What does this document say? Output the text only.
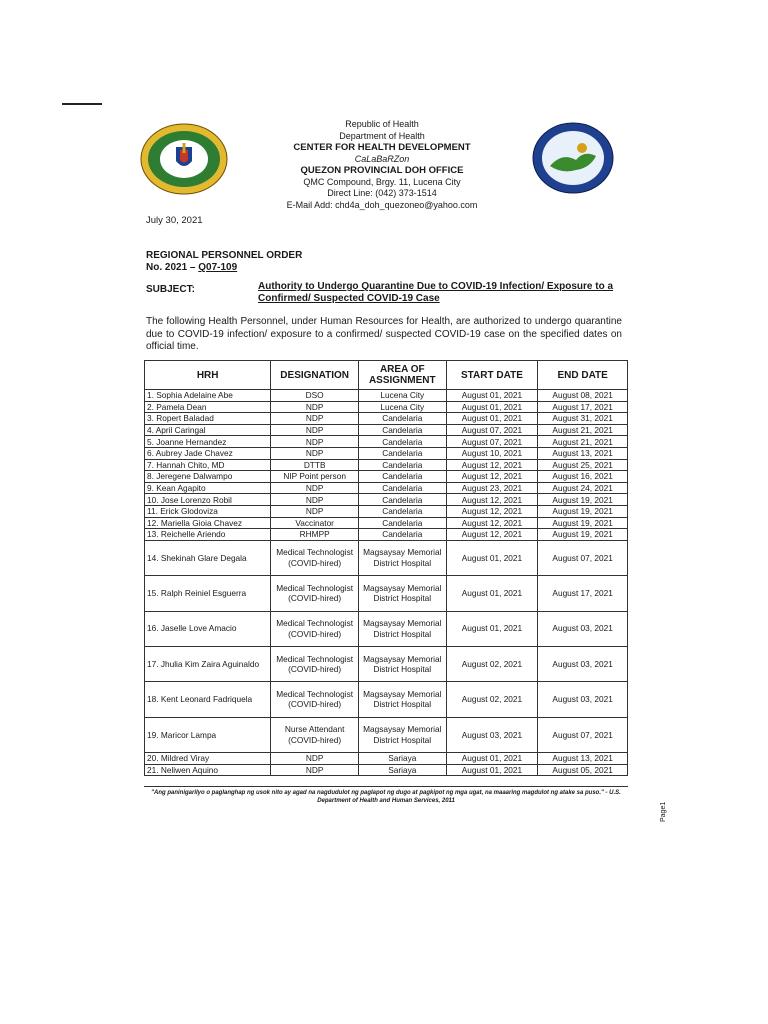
Republic of Health
Department of Health
CENTER FOR HEALTH DEVELOPMENT
CaLaBaRZon
QUEZON PROVINCIAL DOH OFFICE
QMC Compound, Brgy. 11, Lucena City
Direct Line: (042) 373-1514
E-Mail Add: chd4a_doh_quezoneo@yahoo.com
July 30, 2021
REGIONAL PERSONNEL ORDER
No. 2021 – Q07-109
SUBJECT:	Authority to Undergo Quarantine Due to COVID-19 Infection/ Exposure to a Confirmed/ Suspected COVID-19 Case
The following Health Personnel, under Human Resources for Health, are authorized to undergo quarantine due to COVID-19 infection/ exposure to a confirmed/ suspected COVID-19 case on the specified dates on official time.
HRH	DESIGNATION	AREA OF ASSIGNMENT	START DATE	END DATE
1. Sophia Adelaine Abe	DSO	Lucena City	August 01, 2021	August 08, 2021
2. Pamela Dean	NDP	Lucena City	August 01, 2021	August 17, 2021
3. Ropert Baladad	NDP	Candelaria	August 01, 2021	August 31, 2021
4. April Caringal	NDP	Candelaria	August 07, 2021	August 21, 2021
5. Joanne Hernandez	NDP	Candelaria	August 07, 2021	August 21, 2021
6. Aubrey Jade Chavez	NDP	Candelaria	August 10, 2021	August 13, 2021
7. Hannah Chito, MD	DTTB	Candelaria	August 12, 2021	August 25, 2021
8. Jeregene Dalwampo	NIP Point person	Candelaria	August 12, 2021	August 16, 2021
9. Kean Agapito	NDP	Candelaria	August 23, 2021	August 24, 2021
10. Jose Lorenzo Robil	NDP	Candelaria	August 12, 2021	August 19, 2021
11. Erick Glodoviza	NDP	Candelaria	August 12, 2021	August 19, 2021
12. Mariella Gioia Chavez	Vaccinator	Candelaria	August 12, 2021	August 19, 2021
13. Reichelle Ariendo	RHMPP	Candelaria	August 12, 2021	August 19, 2021
14. Shekinah Glare Degala	Medical Technologist (COVID-hired)	Magsaysay Memorial District Hospital	August 01, 2021	August 07, 2021
15. Ralph Reiniel Esguerra	Medical Technologist (COVID-hired)	Magsaysay Memorial District Hospital	August 01, 2021	August 17, 2021
16. Jaselle Love Amacio	Medical Technologist (COVID-hired)	Magsaysay Memorial District Hospital	August 01, 2021	August 03, 2021
17. Jhulia Kim Zaira Aguinaldo	Medical Technologist (COVID-hired)	Magsaysay Memorial District Hospital	August 02, 2021	August 03, 2021
18. Kent Leonard Fadriquela	Medical Technologist (COVID-hired)	Magsaysay Memorial District Hospital	August 02, 2021	August 03, 2021
19. Maricor Lampa	Nurse Attendant (COVID-hired)	Magsaysay Memorial District Hospital	August 03, 2021	August 07, 2021
20. Mildred Viray	NDP	Sariaya	August 01, 2021	August 13, 2021
21. Neliwen Aquino	NDP	Sariaya	August 01, 2021	August 05, 2021
"Ang paninigarilyo o paglanghap ng usok nito ay agad na nagdudulot ng paglapot ng dugo at pagkipot ng mga ugat, na maaaring magdulot ng atake sa puso." - U.S. Department of Health and Human Services, 2011
Page1
